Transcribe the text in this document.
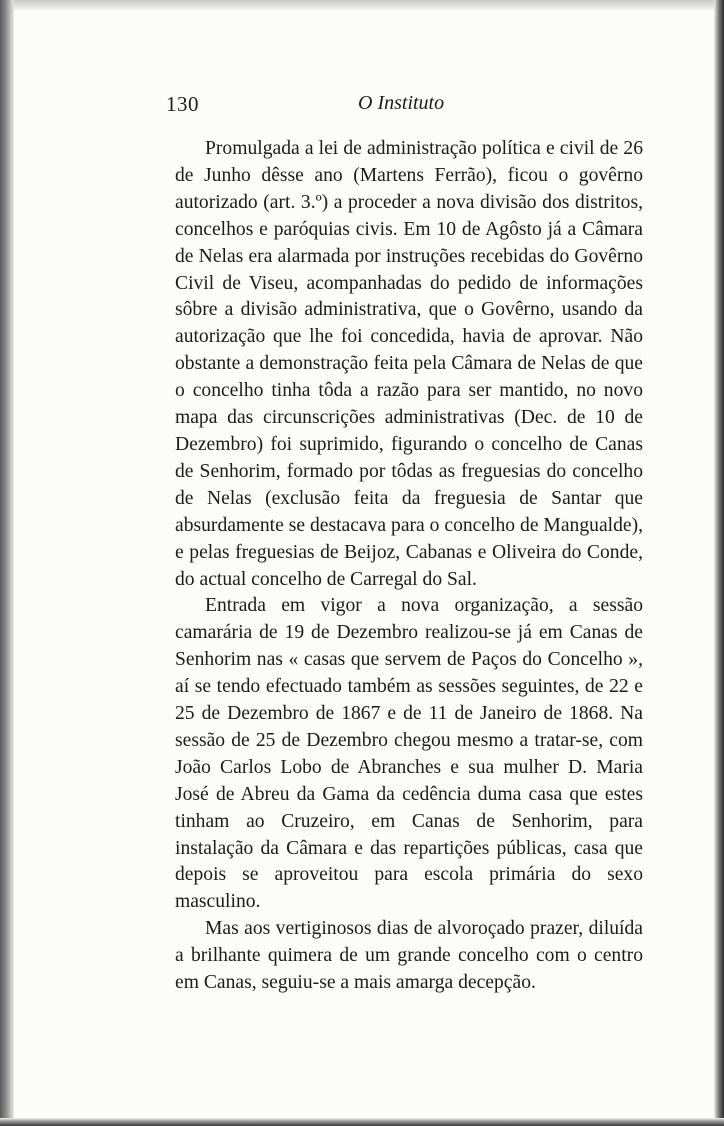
130	O Instituto

Promulgada a lei de administração política e civil de 26 de Junho dêsse ano (Martens Ferrão), ficou o govêrno autorizado (art. 3.º) a proceder a nova divisão dos distritos, concelhos e paróquias civis. Em 10 de Agôsto já a Câmara de Nelas era alarmada por instruções recebidas do Govêrno Civil de Viseu, acompanhadas do pedido de informações sôbre a divisão administrativa, que o Govêrno, usando da autorização que lhe foi concedida, havia de aprovar. Não obstante a demonstração feita pela Câmara de Nelas de que o concelho tinha tôda a razão para ser mantido, no novo mapa das circunscrições administrativas (Dec. de 10 de Dezembro) foi suprimido, figurando o concelho de Canas de Senhorim, formado por tôdas as freguesias do concelho de Nelas (exclusão feita da freguesia de Santar que absurdamente se destacava para o concelho de Mangualde), e pelas freguesias de Beijoz, Cabanas e Oliveira do Conde, do actual concelho de Carregal do Sal.

Entrada em vigor a nova organização, a sessão camarária de 19 de Dezembro realizou-se já em Canas de Senhorim nas « casas que servem de Paços do Concelho », aí se tendo efectuado também as sessões seguintes, de 22 e 25 de Dezembro de 1867 e de 11 de Janeiro de 1868. Na sessão de 25 de Dezembro chegou mesmo a tratar-se, com João Carlos Lobo de Abranches e sua mulher D. Maria José de Abreu da Gama da cedência duma casa que estes tinham ao Cruzeiro, em Canas de Senhorim, para instalação da Câmara e das repartições públicas, casa que depois se aproveitou para escola primária do sexo masculino.

Mas aos vertiginosos dias de alvoroçado prazer, diluída a brilhante quimera de um grande concelho com o centro em Canas, seguiu-se a mais amarga decepção.
